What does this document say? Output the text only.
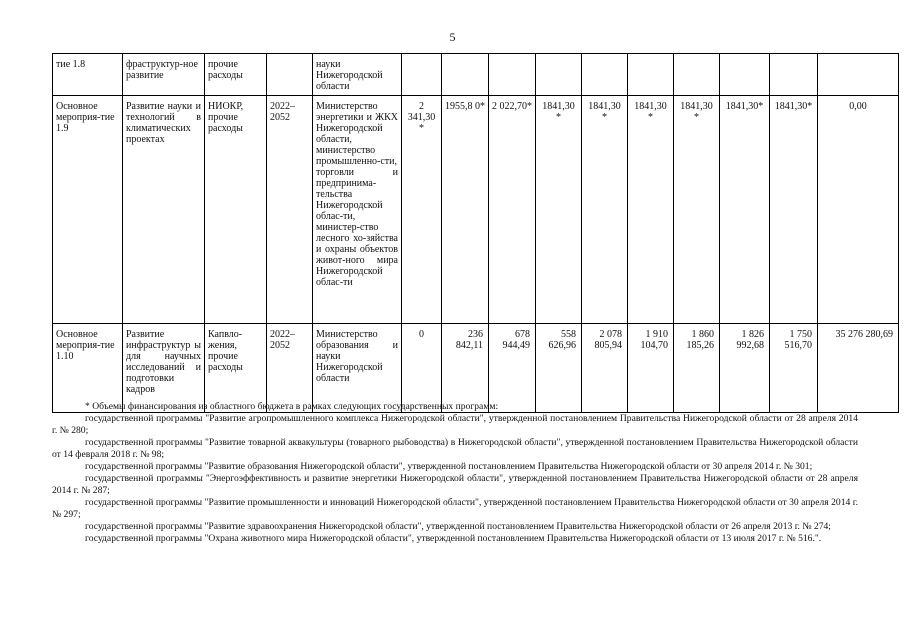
5
тие 1.8	фраструктур-ное развитие	прочие расходы		науки Нижегородской области										
Основное мероприя-тие 1.9	Развитие науки и технологий в климатических проектах	НИОКР, прочие расходы	2022–2052	Министерство энергетики и ЖКХ Нижегородской области, министерство промышленно-сти, торговли и предпринима-тельства Нижегородской облас-ти, министер-ство лесного хо-зяйства и охраны объектов живот-ного мира Нижегородской облас-ти	2 341,30 *	1955,8 0*	2 022,70*	1841,30 *	1841,30 *	1841,30 *	1841,30 *	1841,30*	1841,30*	0,00
Основное мероприя-тие 1.10	Развитие инфраструктур ы для научных исследований и подготовки кадров	Капвло-жения, прочие расходы	2022–2052	Министерство образования и науки Нижегородской области	0	236 842,11	678 944,49	558 626,96	2 078 805,94	1 910 104,70	1 860 185,26	1 826 992,68	1 750 516,70	35 276 280,69

* Объемы финансирования из областного бюджета в рамках следующих государственных программ:

государственной программы "Развитие агропромышленного комплекса Нижегородской области", утвержденной постановлением Правительства Нижегородской области от 28 апреля 2014 г. № 280;

государственной программы "Развитие товарной аквакультуры (товарного рыбоводства) в Нижегородской области", утвержденной постановлением Правительства Нижегородской области от 14 февраля 2018 г. № 98;

государственной программы "Развитие образования Нижегородской области", утвержденной постановлением Правительства Нижегородской области от 30 апреля 2014 г. № 301;

государственной программы "Энергоэффективность и развитие энергетики Нижегородской области", утвержденной постановлением Правительства Нижегородской области от 28 апреля 2014 г. № 287;

государственной программы "Развитие промышленности и инноваций Нижегородской области", утвержденной постановлением Правительства Нижегородской области от 30 апреля 2014 г. № 297;

государственной программы "Развитие здравоохранения Нижегородской области", утвержденной постановлением Правительства Нижегородской области от 26 апреля 2013 г. № 274;

государственной программы "Охрана животного мира Нижегородской области", утвержденной постановлением Правительства Нижегородской области от 13 июля 2017 г. № 516.".
